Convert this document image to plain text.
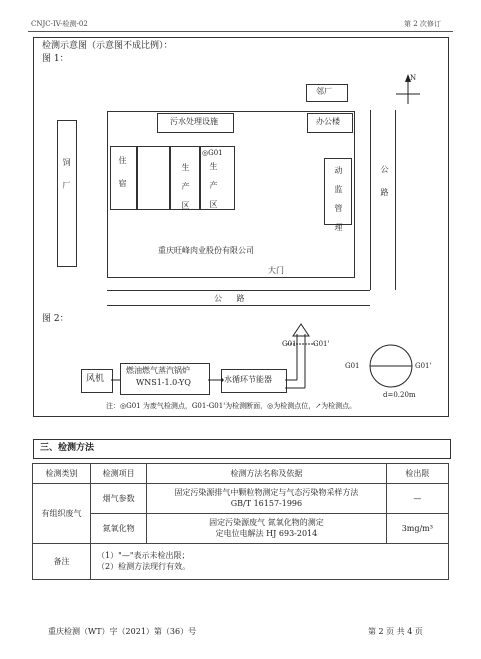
CNJC-IV-检测-02	第 2 次修订
检测示意图（示意图不成比例）：
图 1：
饲 厂
邻厂
N
污水处理设施	办公楼
住 宿	生 产 区
◎G01
生 产 区	动 监 管 理
重庆旺峰肉业股份有限公司
大门
公 路
公 路
图 2：
风机
燃油燃气蒸汽锅炉
WNS1-1.0-YQ	水循环节能器
G01 G01'
G01	G01'
d=0.20m
注：◎G01 为废气检测点，G01-G01'为检测断面，◎为检测点位，↗为检测点。
三、检测方法
检测类别	检测项目	检测方法名称及依据	检出限
有组织废气	烟气参数	固定污染源排气中颗粒物测定与气态污染物采样方法
GB/T 16157-1996	—
	氮氧化物	固定污染源废气 氮氧化物的测定
定电位电解法 HJ 693-2014	3mg/m³
备注	（1）"—"表示未检出限；
（2）检测方法现行有效。		
重庆检测（WT）字（2021）第（36）号	第 2 页 共 4 页
